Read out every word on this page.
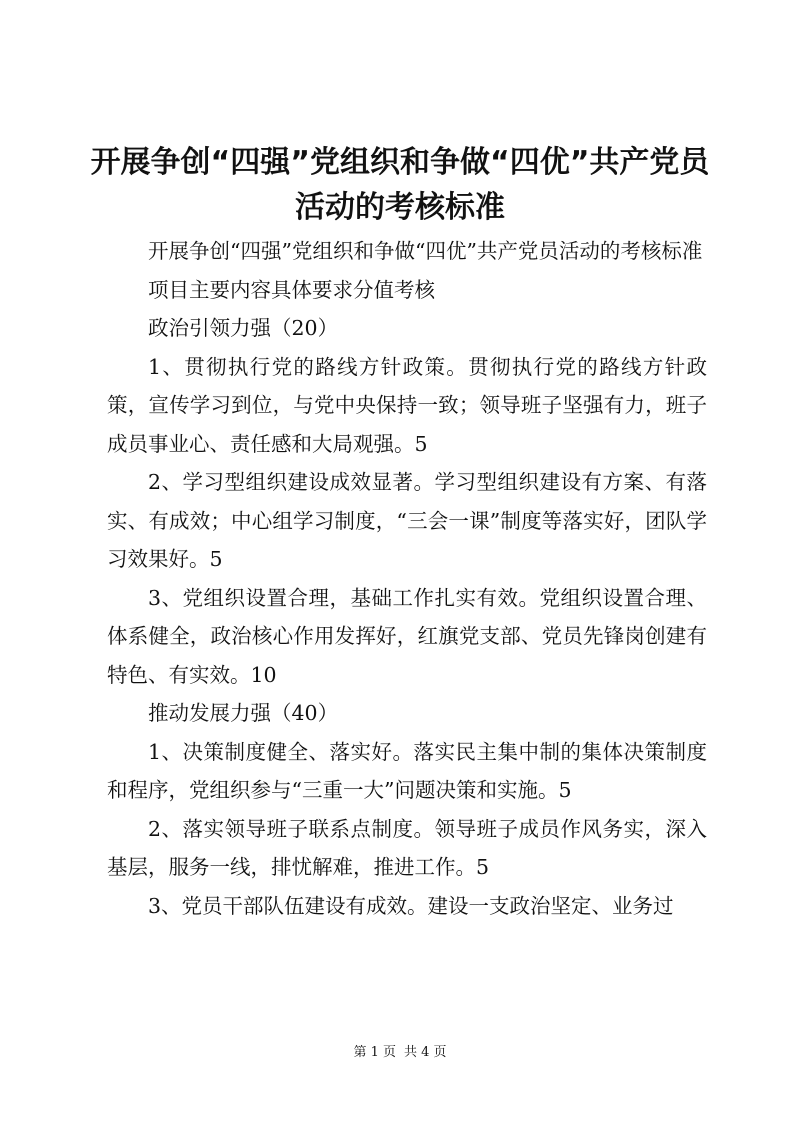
开展争创“四强”党组织和争做“四优”共产党员活动的考核标准

开展争创“四强”党组织和争做“四优”共产党员活动的考核标准

项目主要内容具体要求分值考核

政治引领力强（20）

1、贯彻执行党的路线方针政策。贯彻执行党的路线方针政策，宣传学习到位，与党中央保持一致；领导班子坚强有力，班子成员事业心、责任感和大局观强。5

2、学习型组织建设成效显著。学习型组织建设有方案、有落实、有成效；中心组学习制度，“三会一课”制度等落实好，团队学习效果好。5

3、党组织设置合理，基础工作扎实有效。党组织设置合理、体系健全，政治核心作用发挥好，红旗党支部、党员先锋岗创建有特色、有实效。10

推动发展力强（40）

1、决策制度健全、落实好。落实民主集中制的集体决策制度和程序，党组织参与“三重一大”问题决策和实施。5

2、落实领导班子联系点制度。领导班子成员作风务实，深入基层，服务一线，排忧解难，推进工作。5

3、党员干部队伍建设有成效。建设一支政治坚定、业务过

第 1 页 共 4 页
